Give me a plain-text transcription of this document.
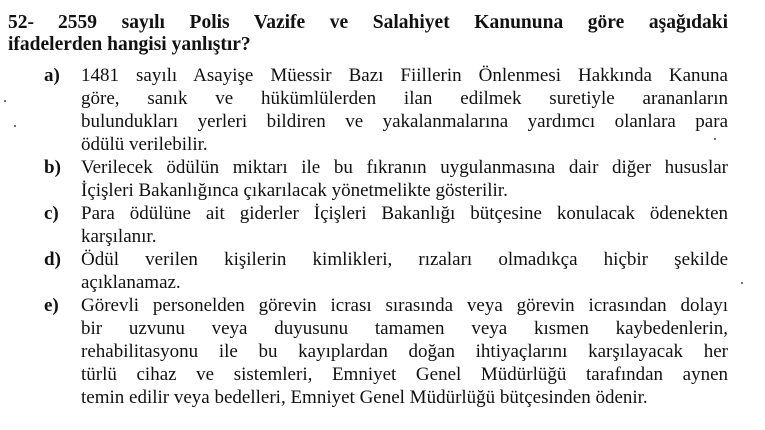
52- 2559 sayılı Polis Vazife ve Salahiyet Kanununa göre aşağıdaki
ifadelerden hangisi yanlıştır?
a) 1481 sayılı Asayişe Müessir Bazı Fiillerin Önlenmesi Hakkında Kanuna
göre, sanık ve hükümlülerden ilan edilmek suretiyle arananların
bulundukları yerleri bildiren ve yakalanmalarına yardımcı olanlara para
ödülü verilebilir.
b) Verilecek ödülün miktarı ile bu fıkranın uygulanmasına dair diğer hususlar
İçişleri Bakanlığınca çıkarılacak yönetmelikte gösterilir.
c) Para ödülüne ait giderler İçişleri Bakanlığı bütçesine konulacak ödenekten
karşılanır.
d) Ödül verilen kişilerin kimlikleri, rızaları olmadıkça hiçbir şekilde
açıklanamaz.
e) Görevli personelden görevin icrası sırasında veya görevin icrasından dolayı
bir uzvunu veya duyusunu tamamen veya kısmen kaybedenlerin,
rehabilitasyonu ile bu kayıplardan doğan ihtiyaçlarını karşılayacak her
türlü cihaz ve sistemleri, Emniyet Genel Müdürlüğü tarafından aynen
temin edilir veya bedelleri, Emniyet Genel Müdürlüğü bütçesinden ödenir.
